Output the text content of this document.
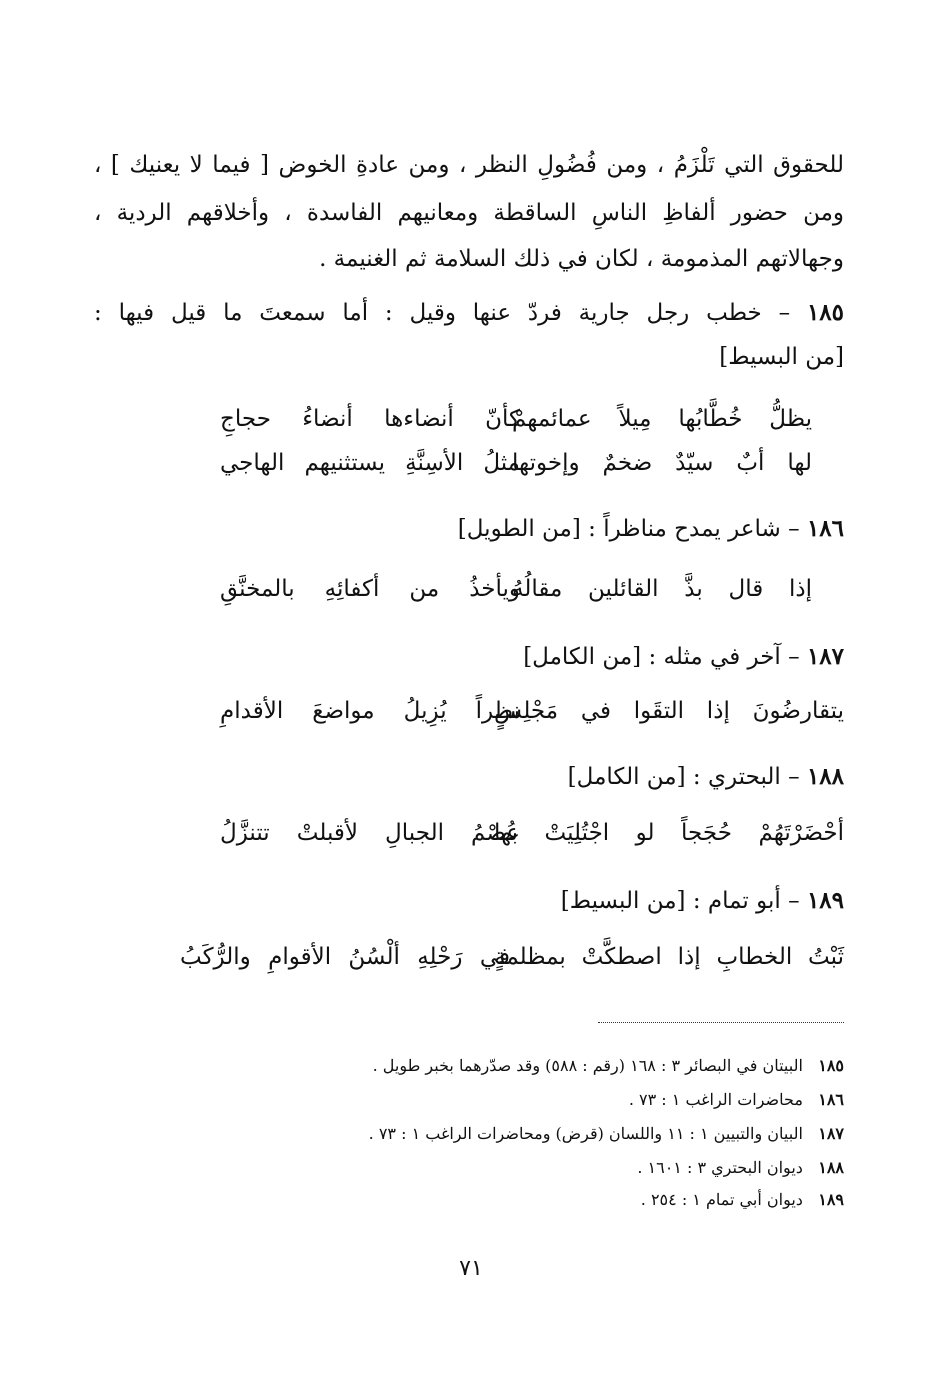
للحقوق التي تَلْزَمُ ، ومن فُضُولِ النظر ، ومن عادةِ الخوض [ فيما لا يعنيك ] ،
ومن حضور ألفاظِ الناسِ الساقطة ومعانيهم الفاسدة ، وأخلاقهم الردية ،
وجهالاتهم المذمومة ، لكان في ذلك السلامة ثم الغنيمة .
١٨٥ – خطب رجل جارية فردّ عنها وقيل : أما سمعتَ ما قيل فيها :
[من البسيط]
يظلُّ خُطَّابُها مِيلاً عمائمهمْ
كأنّ أنضاءها أنضاءُ حجاجِ
لها أبٌ سيّدٌ ضخمٌ وإخوتها
مثلُ الأسِنَّةِ يستثنيهم الهاجي
١٨٦ – شاعر يمدح مناظراً : [من الطويل]
إذا قال بذَّ القائلين مقالُهُ
ويأخذُ من أكفائِهِ بالمخنَّقِ
١٨٧ – آخر في مثله : [من الكامل]
يتقارضُونَ إذا التقَوا في مَجْلِسٍ
نظراً يُزِيلُ مواضعَ الأقدامِ
١٨٨ – البحتري : [من الكامل]
أحْضَرْتَهُمْ حُجَجاً لو اجْتُلِيَتْ بها
عُصْمُ الجبالِ لأقبلتْ تتنزَّلُ
١٨٩ – أبو تمام : [من البسيط]
ثَبْتُ الخطابِ إذا اصطكَّتْ بمظلمةٍ
في رَحْلِهِ ألْسُنُ الأقوامِ والرُّكَبُ
١٨٥ البيتان في البصائر ٣ : ١٦٨ (رقم : ٥٨٨) وقد صدّرهما بخبر طويل .
١٨٦ محاضرات الراغب ١ : ٧٣ .
١٨٧ البيان والتبيين ١ : ١١ واللسان (قرض) ومحاضرات الراغب ١ : ٧٣ .
١٨٨ ديوان البحتري ٣ : ١٦٠١ .
١٨٩ ديوان أبي تمام ١ : ٢٥٤ .
٧١
